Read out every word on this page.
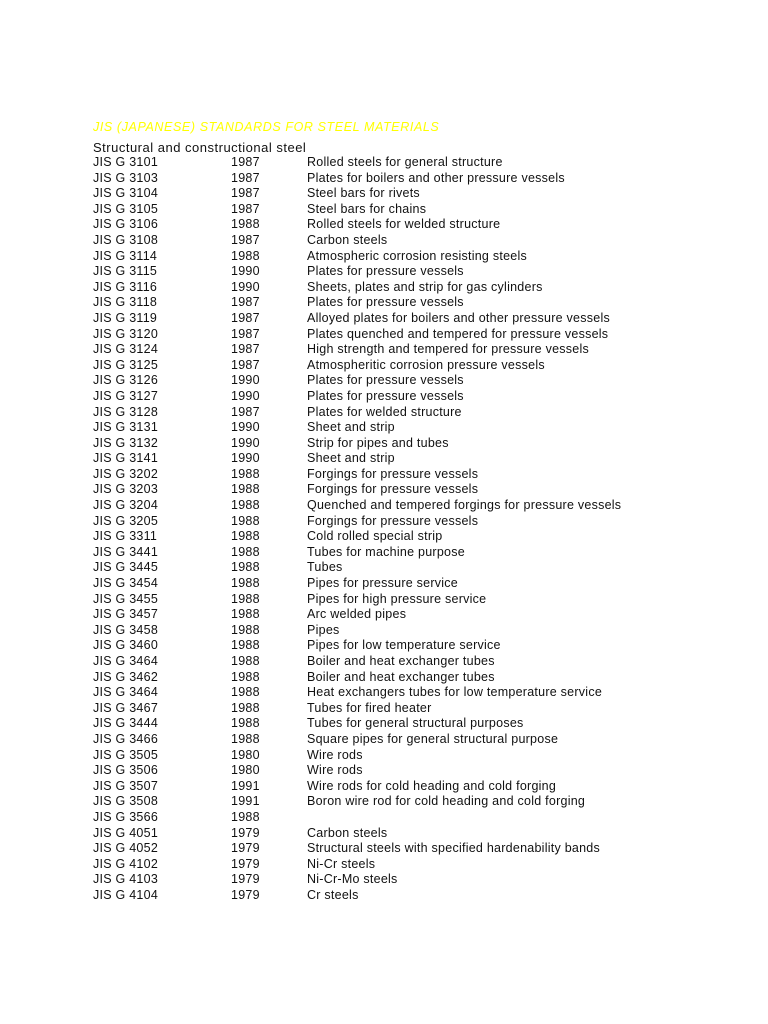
JIS (JAPANESE) STANDARDS FOR STEEL MATERIALS
Structural and constructional steel
JIS G 3101	1987	Rolled steels for general structure
JIS G 3103	1987	Plates for boilers and other pressure vessels
JIS G 3104	1987	Steel bars for rivets
JIS G 3105	1987	Steel bars for chains
JIS G 3106	1988	Rolled steels for welded structure
JIS G 3108	1987	Carbon steels
JIS G 3114	1988	Atmospheric corrosion resisting steels
JIS G 3115	1990	Plates for pressure vessels
JIS G 3116	1990	Sheets, plates and strip for gas cylinders
JIS G 3118	1987	Plates for pressure vessels
JIS G 3119	1987	Alloyed plates for boilers and other pressure vessels
JIS G 3120	1987	Plates quenched and tempered for pressure vessels
JIS G 3124	1987	High strength and tempered for pressure vessels
JIS G 3125	1987	Atmospheritic corrosion pressure vessels
JIS G 3126	1990	Plates for pressure vessels
JIS G 3127	1990	Plates for pressure vessels
JIS G 3128	1987	Plates for welded structure
JIS G 3131	1990	Sheet and strip
JIS G 3132	1990	Strip for pipes and tubes
JIS G 3141	1990	Sheet and strip
JIS G 3202	1988	Forgings for pressure vessels
JIS G 3203	1988	Forgings for pressure vessels
JIS G 3204	1988	Quenched and tempered forgings for pressure vessels
JIS G 3205	1988	Forgings for pressure vessels
JIS G 3311	1988	Cold rolled special strip
JIS G 3441	1988	Tubes for machine purpose
JIS G 3445	1988	Tubes
JIS G 3454	1988	Pipes for pressure service
JIS G 3455	1988	Pipes for high pressure service
JIS G 3457	1988	Arc welded pipes
JIS G 3458	1988	Pipes
JIS G 3460	1988	Pipes for low temperature service
JIS G 3464	1988	Boiler and heat exchanger tubes
JIS G 3462	1988	Boiler and heat exchanger tubes
JIS G 3464	1988	Heat exchangers tubes for low temperature service
JIS G 3467	1988	Tubes for fired heater
JIS G 3444	1988	Tubes for general structural purposes
JIS G 3466	1988	Square pipes for general structural purpose
JIS G 3505	1980	Wire rods
JIS G 3506	1980	Wire rods
JIS G 3507	1991	Wire rods for cold heading and cold forging
JIS G 3508	1991	Boron wire rod for cold heading and cold forging
JIS G 3566	1988
JIS G 4051	1979	Carbon steels
JIS G 4052	1979	Structural steels with specified hardenability bands
JIS G 4102	1979	Ni-Cr steels
JIS G 4103	1979	Ni-Cr-Mo steels
JIS G 4104	1979	Cr steels
